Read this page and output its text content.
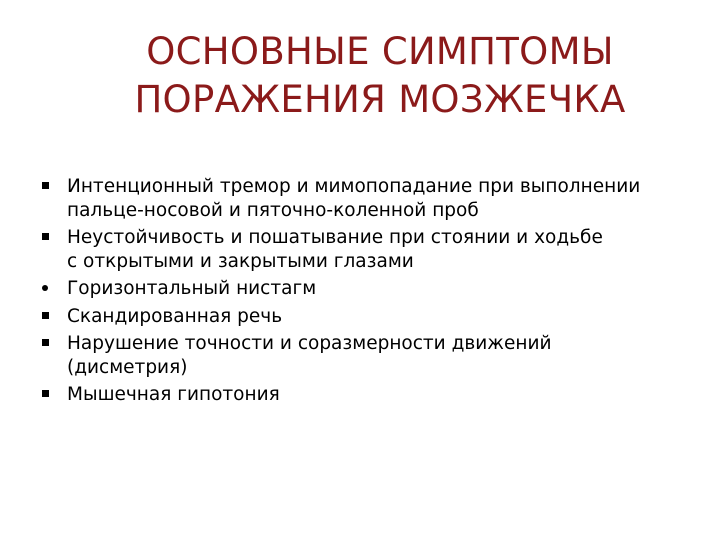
ОСНОВНЫЕ СИМПТОМЫ
ПОРАЖЕНИЯ МОЗЖЕЧКА
Интенционный тремор и мимопопадание при выполнении
пальце-носовой и пяточно-коленной проб
Неустойчивость и пошатывание при стоянии и ходьбе
с открытыми и закрытыми глазами
Горизонтальный нистагм
Скандированная речь
Нарушение точности и соразмерности движений
(дисметрия)
Мышечная гипотония
